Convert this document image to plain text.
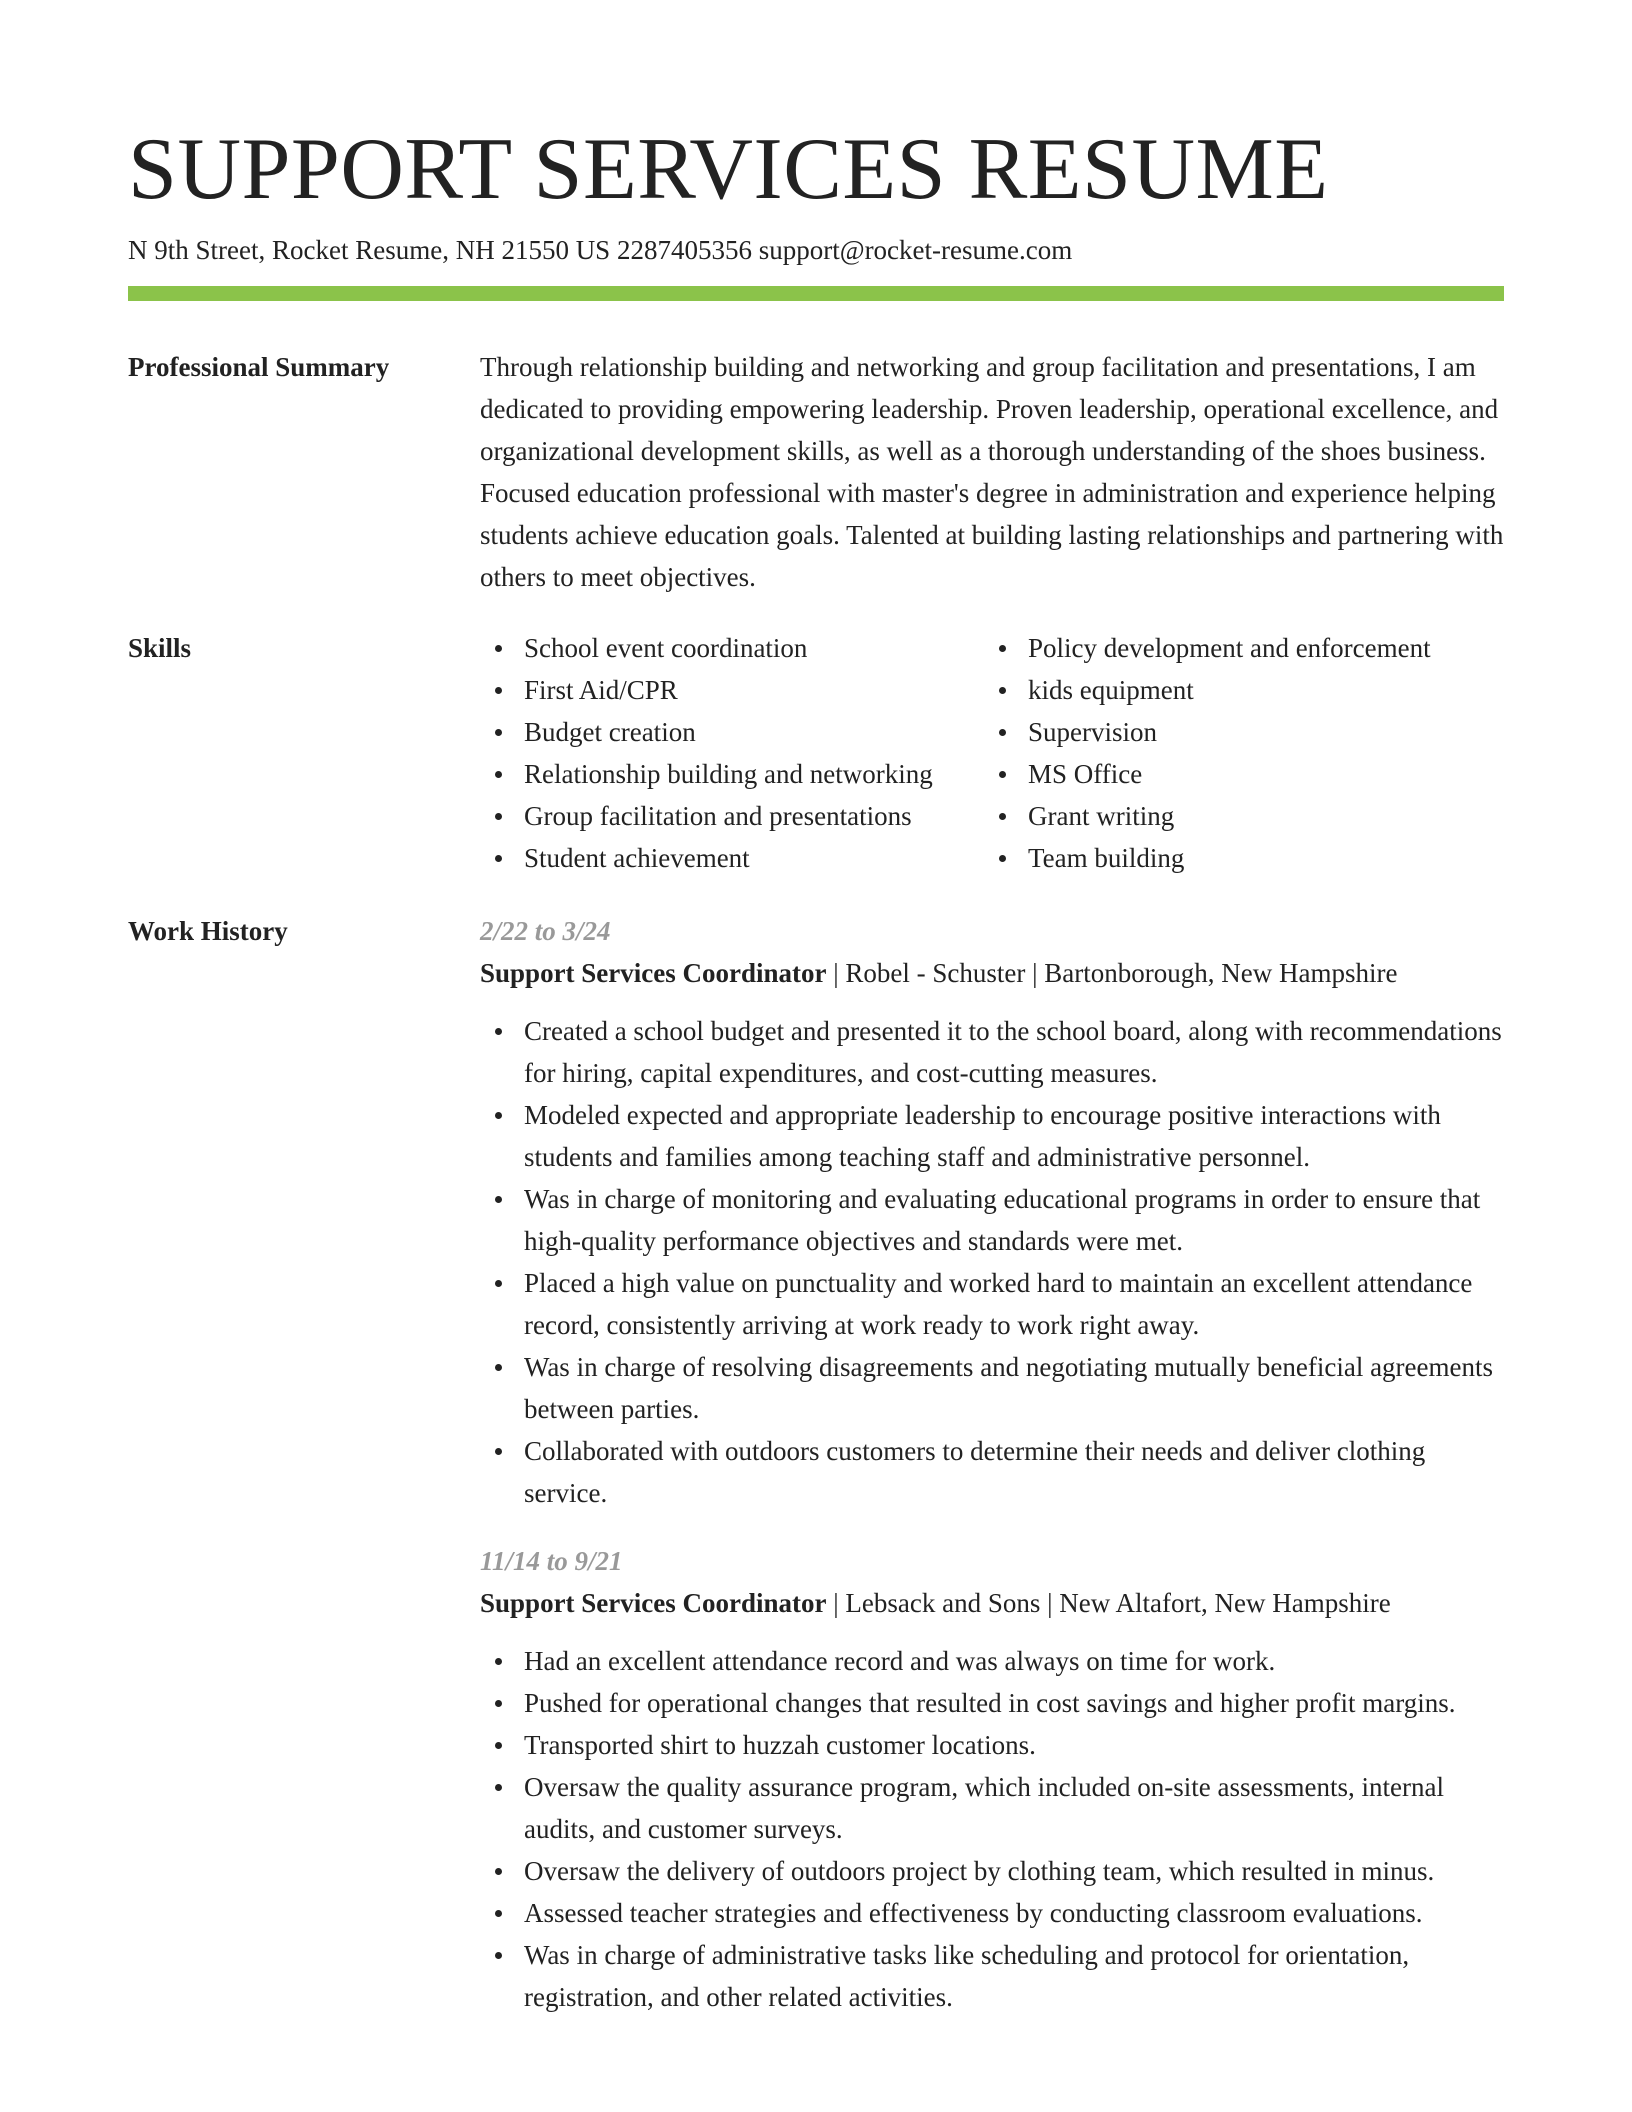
SUPPORT SERVICES RESUME
N 9th Street, Rocket Resume, NH 21550 US 2287405356 support@rocket-resume.com
Professional Summary	Through relationship building and networking and group facilitation and presentations, I am dedicated to providing empowering leadership. Proven leadership, operational excellence, and organizational development skills, as well as a thorough understanding of the shoes business. Focused education professional with master's degree in administration and experience helping students achieve education goals. Talented at building lasting relationships and partnering with others to meet objectives.

Skills	School event coordination
First Aid/CPR
Budget creation
Relationship building and networking
Group facilitation and presentations
Student achievement
Policy development and enforcement
kids equipment
Supervision
MS Office
Grant writing
Team building
Work History	2/22 to 3/24
Support Services Coordinator | Robel - Schuster | Bartonborough, New Hampshire
Created a school budget and presented it to the school board, along with recommendations for hiring, capital expenditures, and cost-cutting measures.
Modeled expected and appropriate leadership to encourage positive interactions with students and families among teaching staff and administrative personnel.
Was in charge of monitoring and evaluating educational programs in order to ensure that high-quality performance objectives and standards were met.
Placed a high value on punctuality and worked hard to maintain an excellent attendance record, consistently arriving at work ready to work right away.
Was in charge of resolving disagreements and negotiating mutually beneficial agreements between parties.
Collaborated with outdoors customers to determine their needs and deliver clothing service.
11/14 to 9/21
Support Services Coordinator | Lebsack and Sons | New Altafort, New Hampshire
Had an excellent attendance record and was always on time for work.
Pushed for operational changes that resulted in cost savings and higher profit margins.
Transported shirt to huzzah customer locations.
Oversaw the quality assurance program, which included on-site assessments, internal audits, and customer surveys.
Oversaw the delivery of outdoors project by clothing team, which resulted in minus.
Assessed teacher strategies and effectiveness by conducting classroom evaluations.
Was in charge of administrative tasks like scheduling and protocol for orientation, registration, and other related activities.
